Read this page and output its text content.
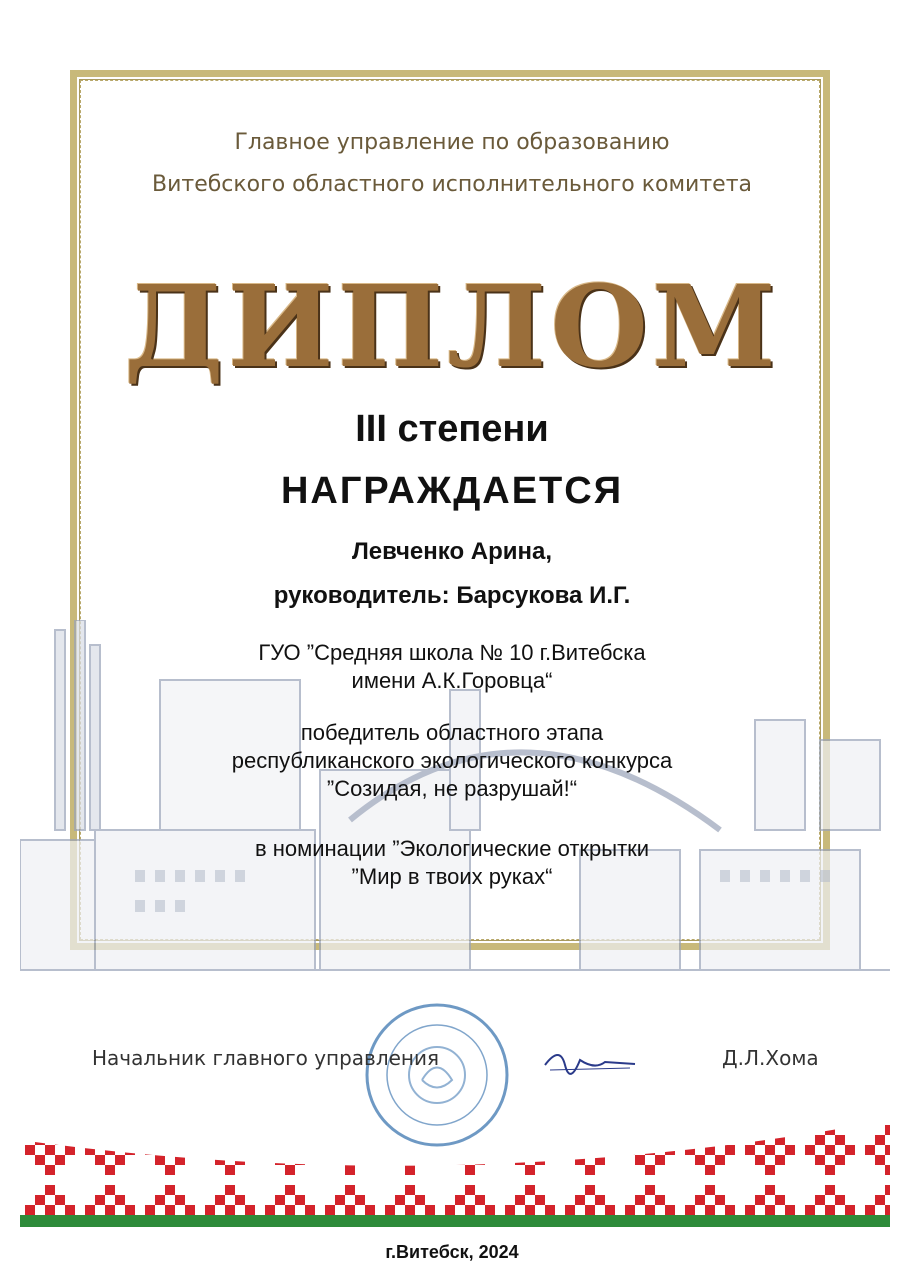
Главное управление по образованию
Витебского областного исполнительного комитета
ДИПЛОМ
III степени
НАГРАЖДАЕТСЯ
Левченко Арина,
руководитель: Барсукова И.Г.
ГУО ”Средняя школа № 10 г.Витебска
имени А.К.Горовца“
победитель областного этапа
республиканского экологического конкурса
”Созидая, не разрушай!“
в номинации ”Экологические открытки
”Мир в твоих руках“
Начальник главного управления	Д.Л.Хома
г.Витебск, 2024
